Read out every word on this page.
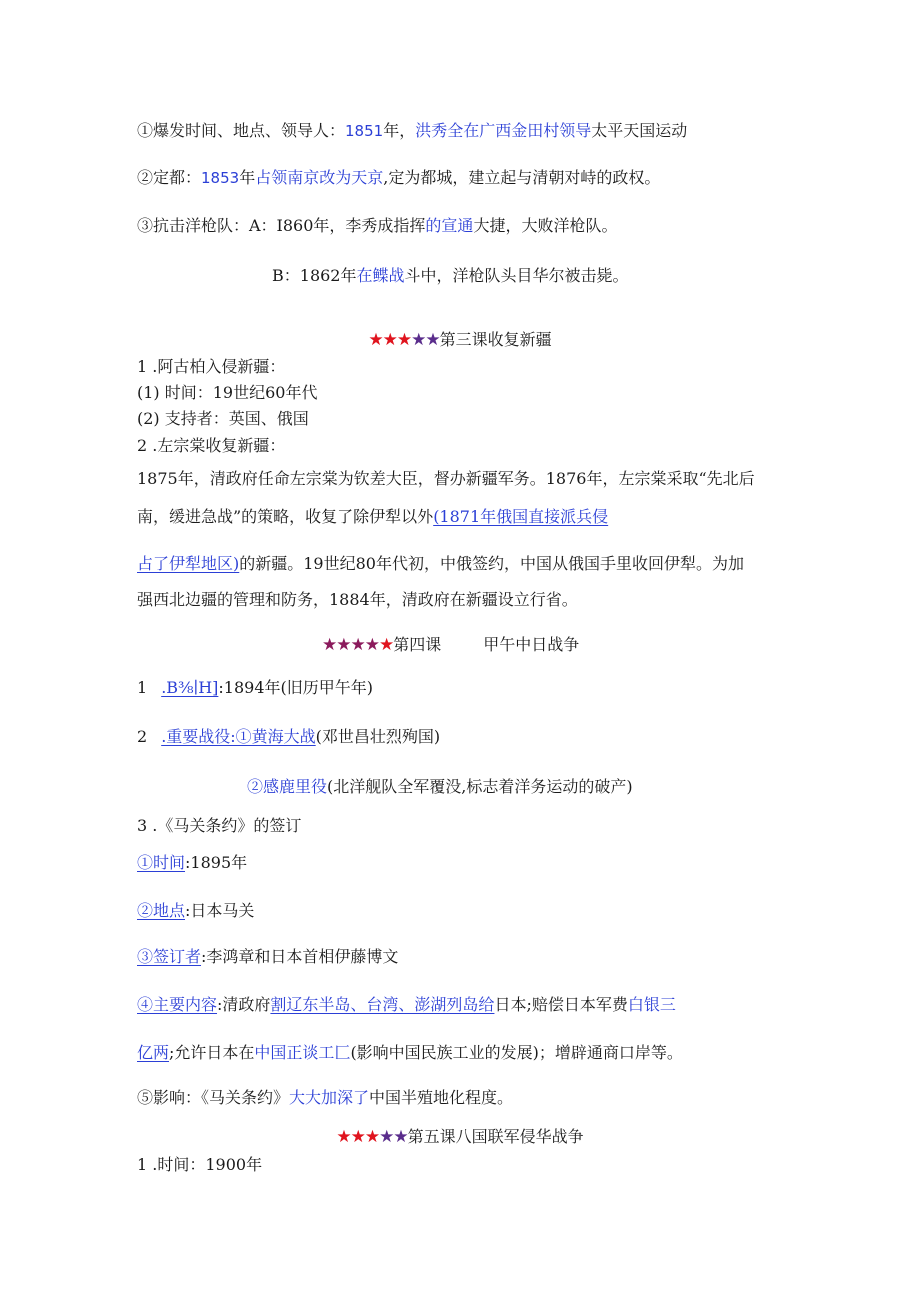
①爆发时间、地点、领导人：1851年，洪秀全在广西金田村领导太平天国运动
②定都：1853年占领南京改为天京,定为都城，建立起与清朝对峙的政权。
③抗击洋枪队：A：I860年，李秀成指挥的宣通大捷，大败洋枪队。
B：1862年在鲽战斗中，洋枪队头目华尔被击毙。
★★★★★第三课收复新疆
1 .阿古柏入侵新疆：
(1) 时间：19世纪60年代
(2) 支持者：英国、俄国
2 .左宗棠收复新疆：
1875年，清政府任命左宗棠为钦差大臣，督办新疆军务。1876年，左宗棠采取“先北后
南，缓进急战”的策略，收复了除伊犁以外(1871年俄国直接派兵侵
占了伊犁地区)的新疆。19世纪80年代初，中俄签约，中国从俄国手里收回伊犁。为加
强西北边疆的管理和防务，1884年，清政府在新疆设立行省。
★★★★★第四课	甲午中日战争
1 .B⅜∣H]:1894年(旧历甲午年)
2 .重要战役:①黄海大战(邓世昌壮烈殉国)
②感鹿里役(北洋舰队全军覆没,标志着洋务运动的破产)
3 .《马关条约》的签订
①时间:1895年
②地点:日本马关
③签订者:李鸿章和日本首相伊藤博文
④主要内容:清政府割辽东半岛、台湾、澎湖列岛给日本;赔偿日本军费白银三
亿两;允许日本在中国正谈工匚(影响中国民族工业的发展)；增辟通商口岸等。
⑤影响：《马关条约》大大加深了中国半殖地化程度。
★★★★★第五课八国联军侵华战争
1 .时间：1900年
